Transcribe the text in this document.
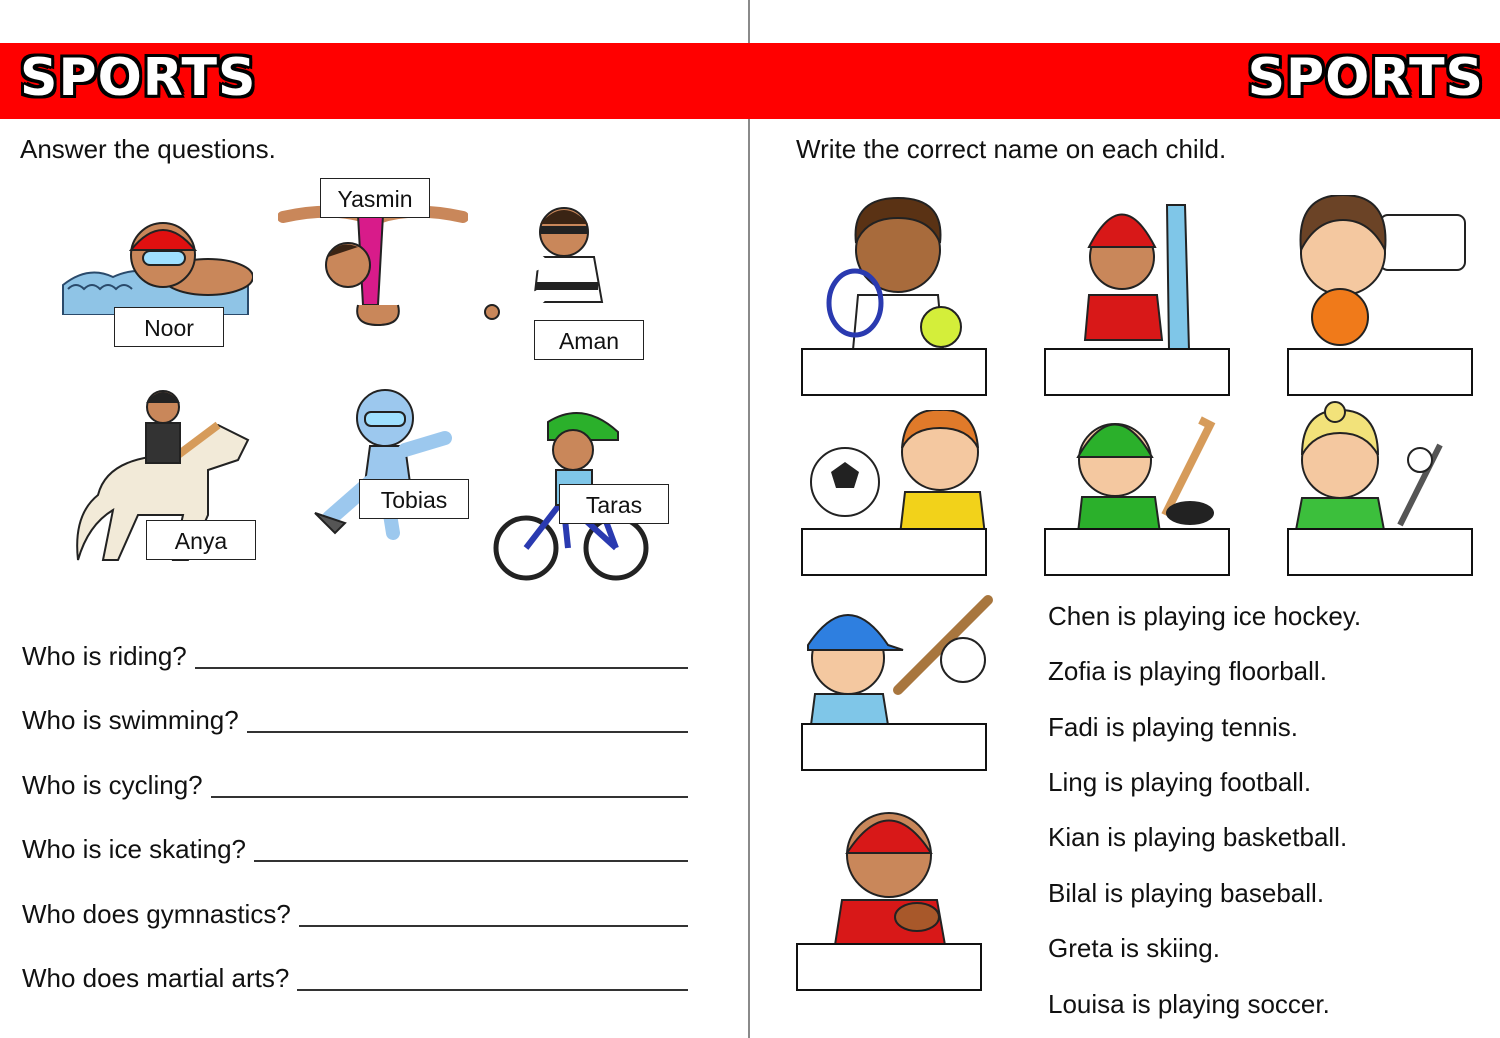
SPORTS	SPORTS
Answer the questions.
Noor
Yasmin
Aman
Anya
Tobias	Taras
Who is riding?
Who is swimming?
Who is cycling?
Who is ice skating?
Who does gymnastics?
Who does martial arts?
Write the correct name on each child.
Chen is playing ice hockey.
Zofia is playing floorball.
Fadi is playing tennis.
Ling is playing football.
Kian is playing basketball.
Bilal is playing baseball.
Greta is skiing.
Louisa is playing soccer.
